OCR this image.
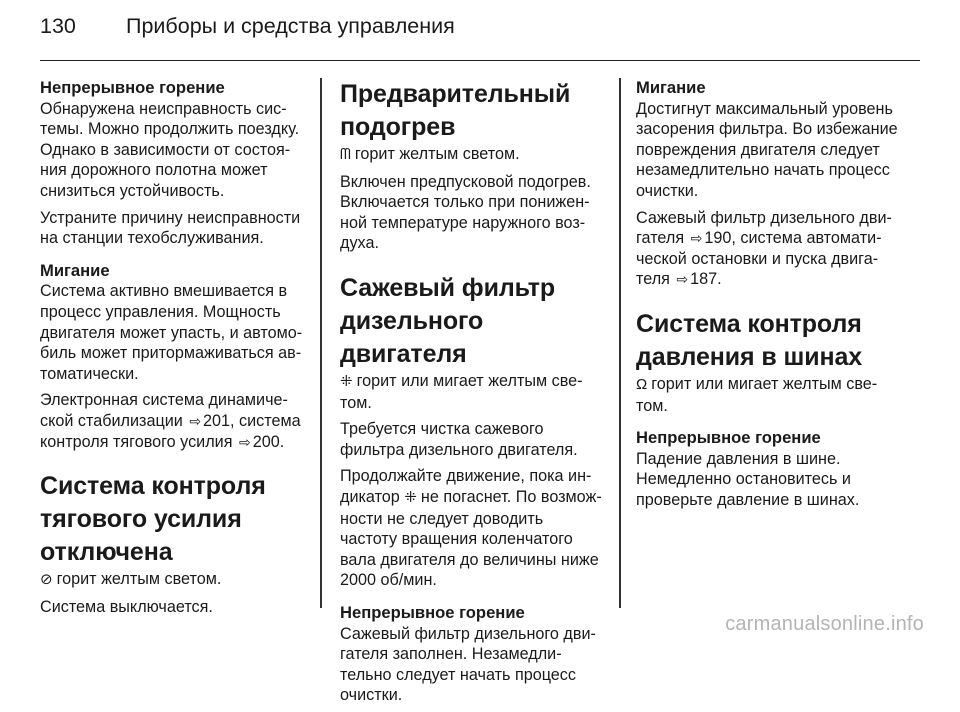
130	Приборы и средства управления
Непрерывное горение

Обнаружена неисправность системы. Можно продолжить поездку. Однако в зависимости от состояния дорожного полотна может снизиться устойчивость.

Устраните причину неисправности на станции техобслуживания.

Мигание

Система активно вмешивается в процесс управления. Мощность двигателя может упасть, и автомобиль может притормаживаться автоматически.

Электронная система динамической стабилизации ⇨ 201, система контроля тягового усилия ⇨ 200.

Система контроля тягового усилия отключена

⊘ горит желтым светом.

Система выключается.

Предварительный подогрев

ᗰ горит желтым светом.

Включен предпусковой подогрев. Включается только при пониженной температуре наружного воздуха.

Сажевый фильтр дизельного двигателя

⁜ горит или мигает желтым светом.

Требуется чистка сажевого фильтра дизельного двигателя.

Продолжайте движение, пока индикатор ⁜ не погаснет. По возможности не следует доводить частоту вращения коленчатого вала двигателя до величины ниже 2000 об/мин.

Непрерывное горение

Сажевый фильтр дизельного двигателя заполнен. Незамедлительно следует начать процесс очистки.

Мигание

Достигнут максимальный уровень засорения фильтра. Во избежание повреждения двигателя следует незамедлительно начать процесс очистки.

Сажевый фильтр дизельного двигателя ⇨ 190, система автоматической остановки и пуска двигателя ⇨ 187.

Система контроля давления в шинах

Ω горит или мигает желтым светом.

Непрерывное горение

Падение давления в шине. Немедленно остановитесь и проверьте давление в шинах.

carmanualsonline.info
